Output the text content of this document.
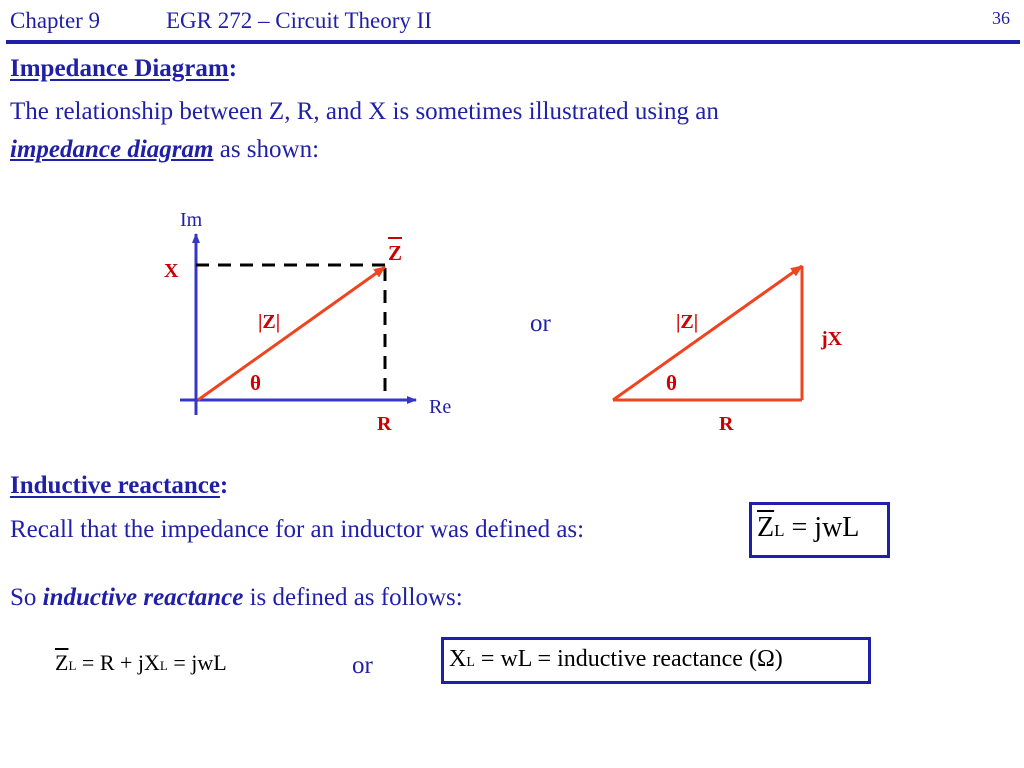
Chapter 9	EGR 272 – Circuit Theory II	36
Impedance Diagram:
The relationship between Z, R, and X is sometimes illustrated using an
impedance diagram as shown:
Im
Re
X
Z
|Z|
θ
R
|Z|
jX
θ
R
or
Inductive reactance:
Recall that the impedance for an inductor was defined as:	$\overline{Z}L$ = jwL
So inductive reactance is defined as follows:
$\overline{Z}L = R$ + jXL = jwL	or	XL = wL = inductive reactance (Ω)
